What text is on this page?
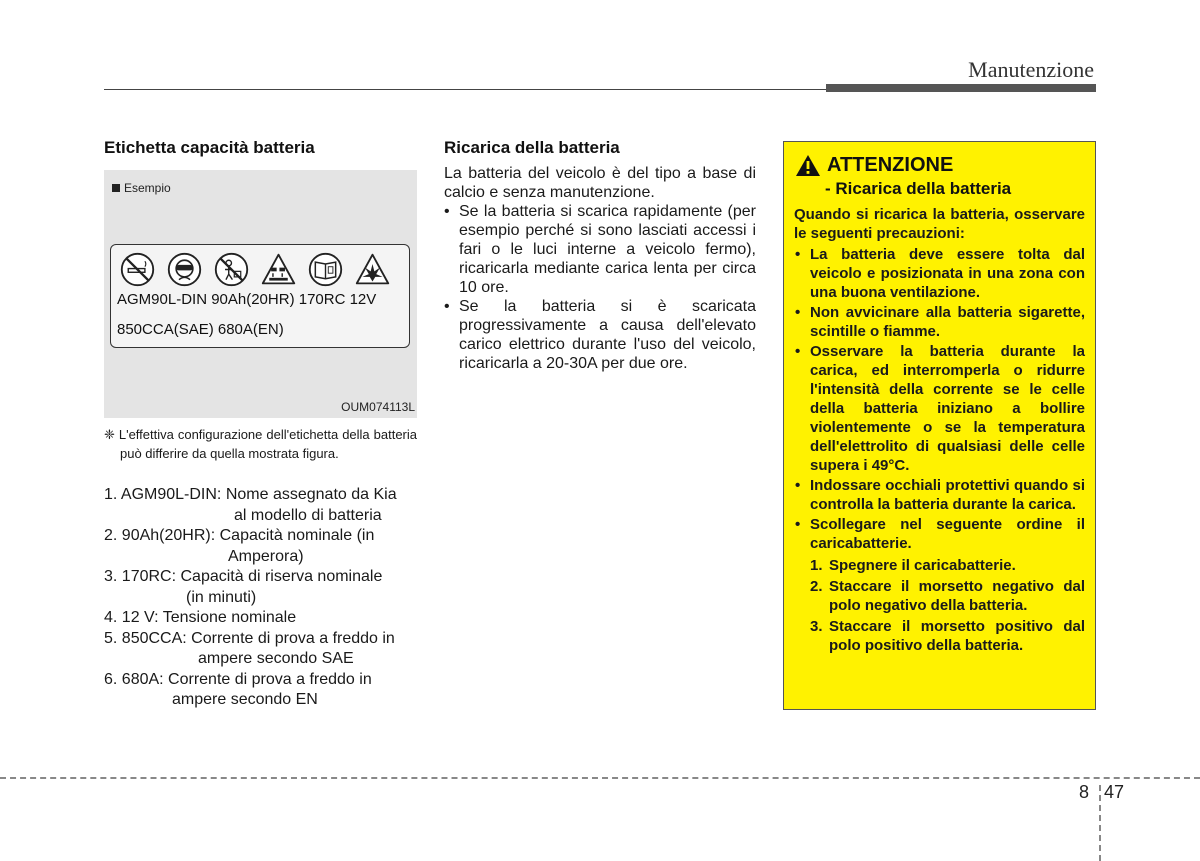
Manutenzione
Etichetta capacità batteria
Esempio
AGM90L-DIN 90Ah(20HR) 170RC 12V
850CCA(SAE) 680A(EN)
OUM074113L
❈ L'effettiva configurazione dell'etichetta della batteria può differire da quella mostrata figura.
1. AGM90L-DIN: Nome assegnato da Kia
al modello di batteria
2. 90Ah(20HR): Capacità nominale (in
Amperora)
3. 170RC: Capacità di riserva nominale
(in minuti)
4. 12 V: Tensione nominale
5. 850CCA: Corrente di prova a freddo in
ampere secondo SAE
6. 680A: Corrente di prova a freddo in
ampere secondo EN
Ricarica della batteria

La batteria del veicolo è del tipo a base di calcio e senza manutenzione.

• Se la batteria si scarica rapidamente (per esempio perché si sono lasciati accessi i fari o le luci interne a veicolo fermo), ricaricarla mediante carica lenta per circa 10 ore.
• Se la batteria si è scaricata progressivamente a causa dell'elevato carico elettrico durante l'uso del veicolo, ricaricarla a 20-30A per due ore.
ATTENZIONE
- Ricarica della batteria
Quando si ricarica la batteria, osservare le seguenti precauzioni:
• La batteria deve essere tolta dal veicolo e posizionata in una zona con una buona ventilazione.
• Non avvicinare alla batteria sigarette, scintille o fiamme.
• Osservare la batteria durante la carica, ed interromperla o ridurre l'intensità della corrente se le celle della batteria iniziano a bollire violentemente o se la temperatura dell'elettrolito di qualsiasi delle celle supera i 49°C.
• Indossare occhiali protettivi quando si controlla la batteria durante la carica.
• Scollegare nel seguente ordine il caricabatterie.
1. Spegnere il caricabatterie.
2. Staccare il morsetto negativo dal polo negativo della batteria.
3. Staccare il morsetto positivo dal polo positivo della batteria.
8 47
